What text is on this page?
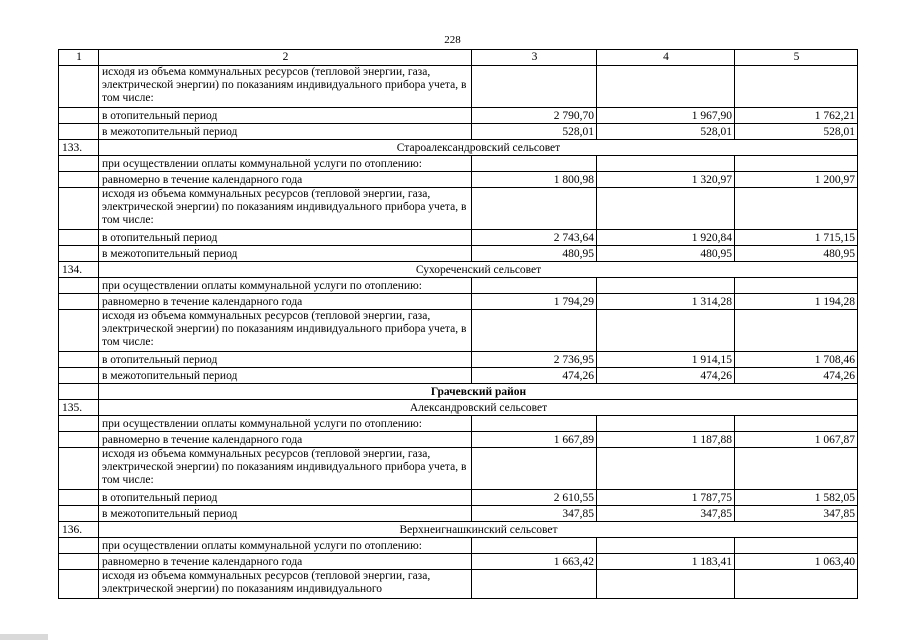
228
1	2	3	4	5
	исходя из объема коммунальных ресурсов (тепловой энергии, газа, электрической энергии) по показаниям индивидуального прибора учета, в том числе:			
	в отопительный период	2 790,70	1 967,90	1 762,21
	в межотопительный период	528,01	528,01	528,01
133.	Староалександровский сельсовет			
	при осуществлении оплаты коммунальной услуги по отоплению:			
	равномерно в течение календарного года	1 800,98	1 320,97	1 200,97
	исходя из объема коммунальных ресурсов (тепловой энергии, газа, электрической энергии) по показаниям индивидуального прибора учета, в том числе:			
	в отопительный период	2 743,64	1 920,84	1 715,15
	в межотопительный период	480,95	480,95	480,95
134.	Сухореченский сельсовет			
	при осуществлении оплаты коммунальной услуги по отоплению:			
	равномерно в течение календарного года	1 794,29	1 314,28	1 194,28
	исходя из объема коммунальных ресурсов (тепловой энергии, газа, электрической энергии) по показаниям индивидуального прибора учета, в том числе:			
	в отопительный период	2 736,95	1 914,15	1 708,46
	в межотопительный период	474,26	474,26	474,26
	Грачевский район			
135.	Александровский сельсовет			
	при осуществлении оплаты коммунальной услуги по отоплению:			
	равномерно в течение календарного года	1 667,89	1 187,88	1 067,87
	исходя из объема коммунальных ресурсов (тепловой энергии, газа, электрической энергии) по показаниям индивидуального прибора учета, в том числе:			
	в отопительный период	2 610,55	1 787,75	1 582,05
	в межотопительный период	347,85	347,85	347,85
136.	Верхнеигнашкинский сельсовет			
	при осуществлении оплаты коммунальной услуги по отоплению:			
	равномерно в течение календарного года	1 663,42	1 183,41	1 063,40
	исходя из объема коммунальных ресурсов (тепловой энергии, газа, электрической энергии) по показаниям индивидуального			
